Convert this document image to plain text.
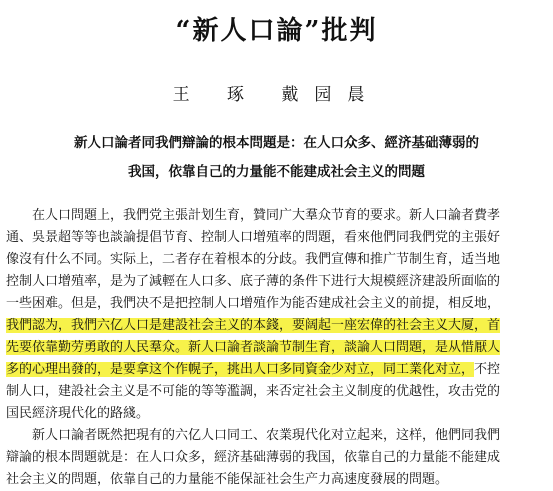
“新人口論”批判
王 琢 戴园晨
新人口論者同我們辯論的根本問題是：在人口众多、經济基础薄弱的
我国，依靠自己的力量能不能建成社会主义的問題
在人口問題上，我們党主張計划生育，贊同广大羣众节育的要求。新人口論者費孝
通、吳景超等等也談論提倡节育、控制人口增殖率的問題，看來他們同我們党的主張好
像沒有什么不同。实际上，二者存在着根本的分歧。我們宣傳和推广节制生育，适当地
控制人口增殖率，是为了減輕在人口多、底子薄的条件下进行大規模經济建設所面临的
一些困难。但是，我們决不是把控制人口增殖作为能否建成社会主义的前提，相反地，
我們認为，我們六亿人口是建設社会主义的本錢，要阔起一座宏偉的社会主义大厦，首
先要依靠勤劳勇敢的人民羣众。新人口論者談論节制生育，談論人口問題，是从惜厭人
多的心理出發的，是要拿这个作幌子，挑出人口多同資金少对立，同工業化对立，不控
制人口，建設社会主义是不可能的等等濫調，来否定社会主义制度的优越性，攻击党的
国民經济現代化的路綫。
新人口論者既然把現有的六亿人口同工、农業現代化对立起来，这样，他們同我們
辯論的根本問題就是：在人口众多，經济基础薄弱的我国，依靠自己的力量能不能建成
社会主义的問題，依靠自己的力量能不能保証社会生产力高速度發展的問題。
